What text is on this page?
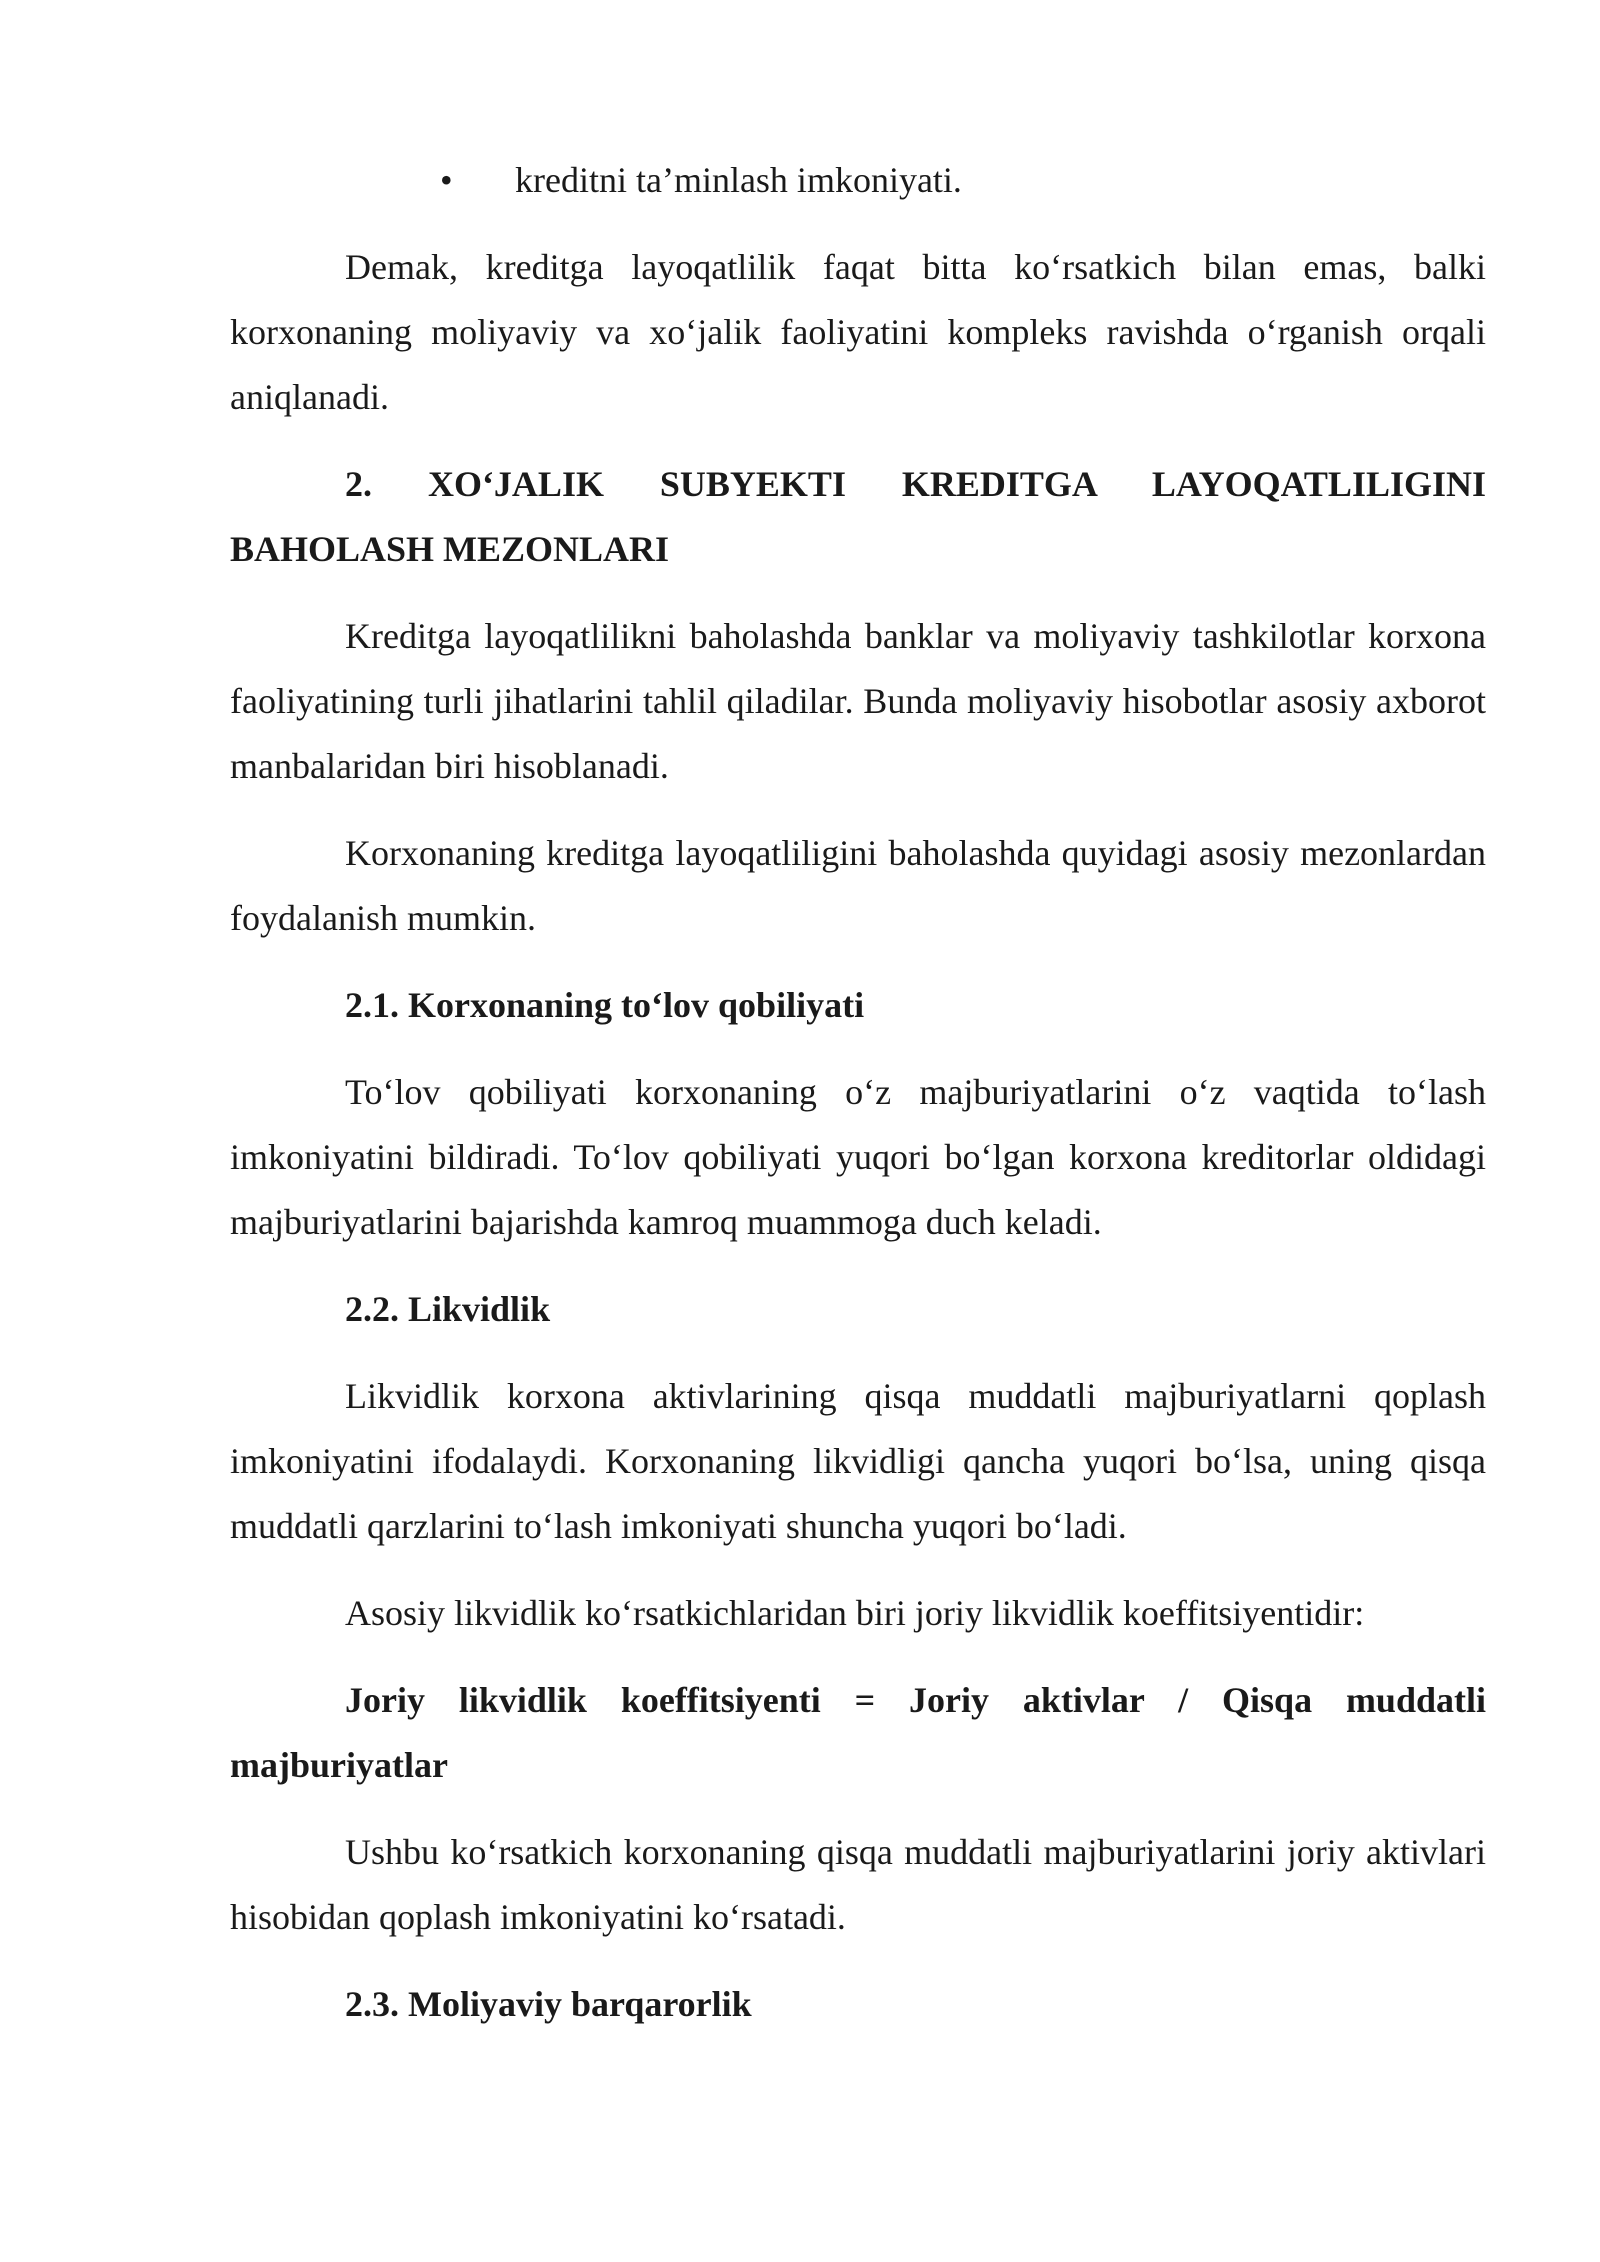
• kreditni ta’minlash imkoniyati.

Demak, kreditga layoqatlilik faqat bitta koʻrsatkich bilan emas, balki korxonaning moliyaviy va xoʻjalik faoliyatini kompleks ravishda oʻrganish orqali aniqlanadi.

2. XOʻJALIK SUBYEKTI KREDITGA LAYOQATLILIGINI BAHOLASH MEZONLARI

Kreditga layoqatlilikni baholashda banklar va moliyaviy tashkilotlar korxona faoliyatining turli jihatlarini tahlil qiladilar. Bunda moliyaviy hisobotlar asosiy axborot manbalaridan biri hisoblanadi.

Korxonaning kreditga layoqatliligini baholashda quyidagi asosiy mezonlardan foydalanish mumkin.

2.1. Korxonaning toʻlov qobiliyati

Toʻlov qobiliyati korxonaning oʻz majburiyatlarini oʻz vaqtida toʻlash imkoniyatini bildiradi. Toʻlov qobiliyati yuqori boʻlgan korxona kreditorlar oldidagi majburiyatlarini bajarishda kamroq muammoga duch keladi.

2.2. Likvidlik

Likvidlik korxona aktivlarining qisqa muddatli majburiyatlarni qoplash imkoniyatini ifodalaydi. Korxonaning likvidligi qancha yuqori boʻlsa, uning qisqa muddatli qarzlarini toʻlash imkoniyati shuncha yuqori boʻladi.

Asosiy likvidlik koʻrsatkichlaridan biri joriy likvidlik koeffitsiyentidir:

Joriy likvidlik koeffitsiyenti = Joriy aktivlar / Qisqa muddatli majburiyatlar

Ushbu koʻrsatkich korxonaning qisqa muddatli majburiyatlarini joriy aktivlari hisobidan qoplash imkoniyatini koʻrsatadi.

2.3. Moliyaviy barqarorlik
